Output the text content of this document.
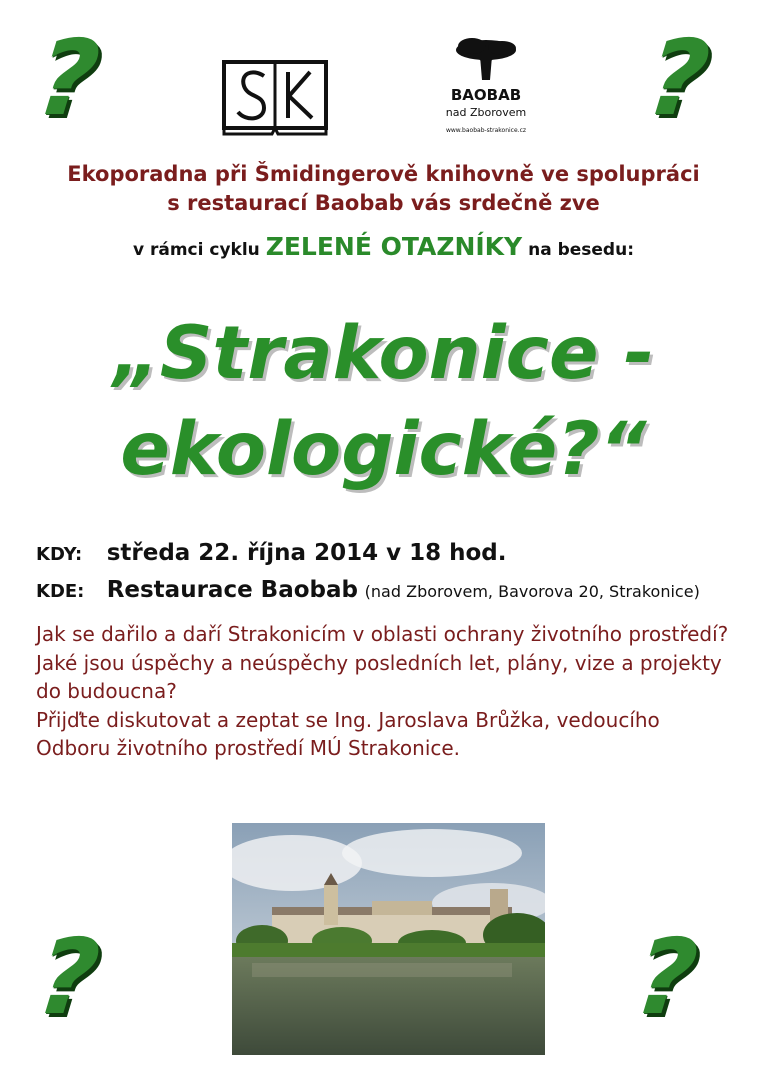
?	?
?	?
BAOBAB
nad Zborovem
www.baobab-strakonice.cz
Ekoporadna při Šmidingerově knihovně ve spolupráci
s restaurací Baobab vás srdečně zve
v rámci cyklu ZELENÉ OTAZNÍKY na besedu:
„Strakonice -
ekologické?“
KDY: středa 22. října 2014 v 18 hod.
KDE: Restaurace Baobab (nad Zborovem, Bavorova 20, Strakonice)

Jak se dařilo a daří Strakonicím v oblasti ochrany životního prostředí?

Jaké jsou úspěchy a neúspěchy posledních let, plány, vize a projekty do budoucna?

Přijďte diskutovat a zeptat se Ing. Jaroslava Brůžka, vedoucího Odboru životního prostředí MÚ Strakonice.
